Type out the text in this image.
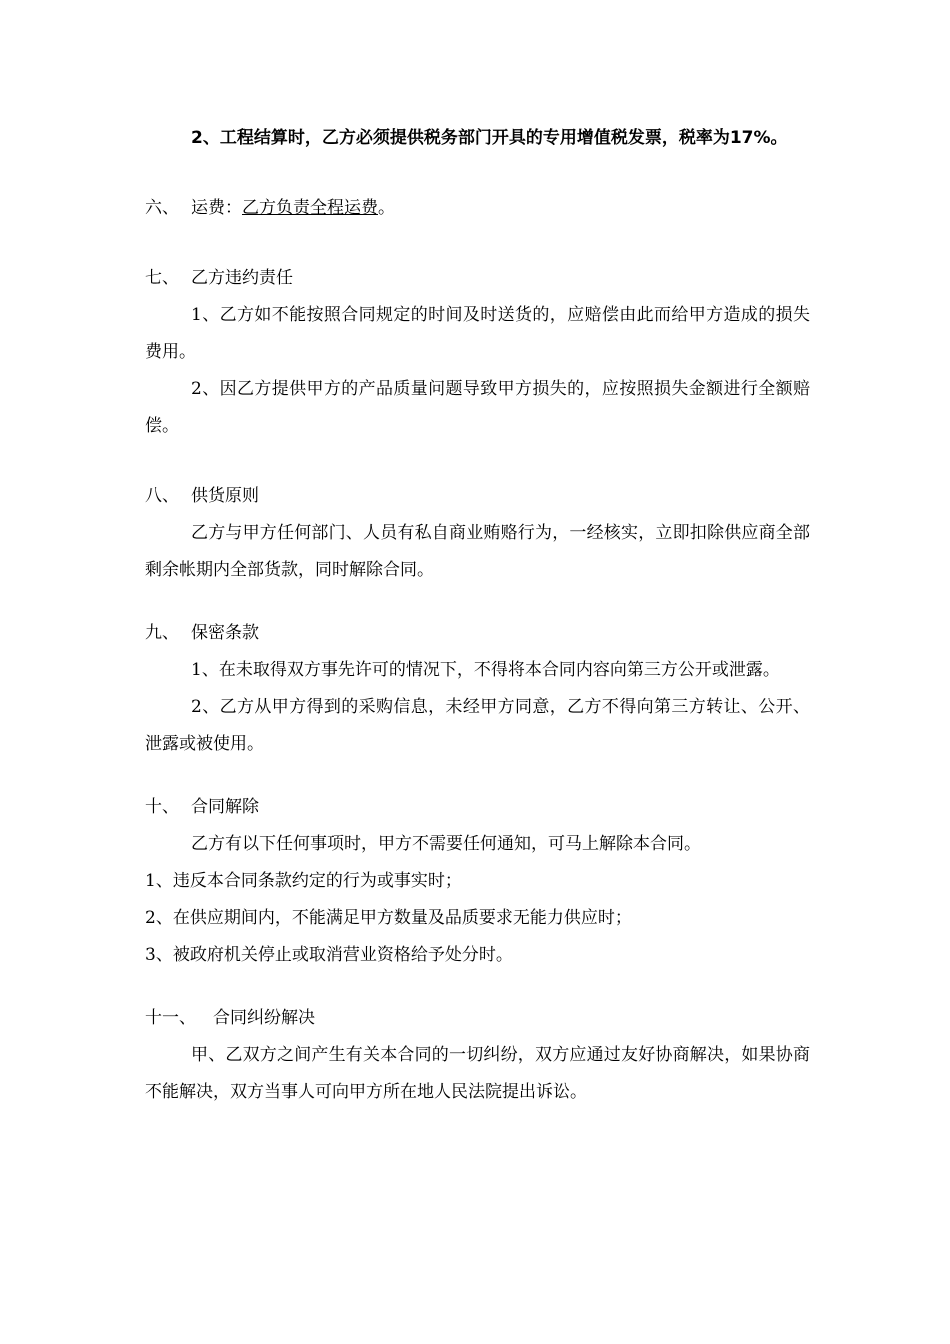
2、工程结算时，乙方必须提供税务部门开具的专用增值税发票，税率为17%。

六、 运费：乙方负责全程运费。

七、 乙方违约责任

1、乙方如不能按照合同规定的时间及时送货的，应赔偿由此而给甲方造成的损失费用。

2、因乙方提供甲方的产品质量问题导致甲方损失的，应按照损失金额进行全额赔偿。

八、 供货原则

乙方与甲方任何部门、人员有私自商业贿赂行为，一经核实，立即扣除供应商全部剩余帐期内全部货款，同时解除合同。

九、 保密条款

1、在未取得双方事先许可的情况下，不得将本合同内容向第三方公开或泄露。

2、乙方从甲方得到的采购信息，未经甲方同意，乙方不得向第三方转让、公开、泄露或被使用。

十、 合同解除

乙方有以下任何事项时，甲方不需要任何通知，可马上解除本合同。

1、违反本合同条款约定的行为或事实时；

2、在供应期间内，不能满足甲方数量及品质要求无能力供应时；

3、被政府机关停止或取消营业资格给予处分时。

十一、 合同纠纷解决

甲、乙双方之间产生有关本合同的一切纠纷，双方应通过友好协商解决，如果协商不能解决，双方当事人可向甲方所在地人民法院提出诉讼。
